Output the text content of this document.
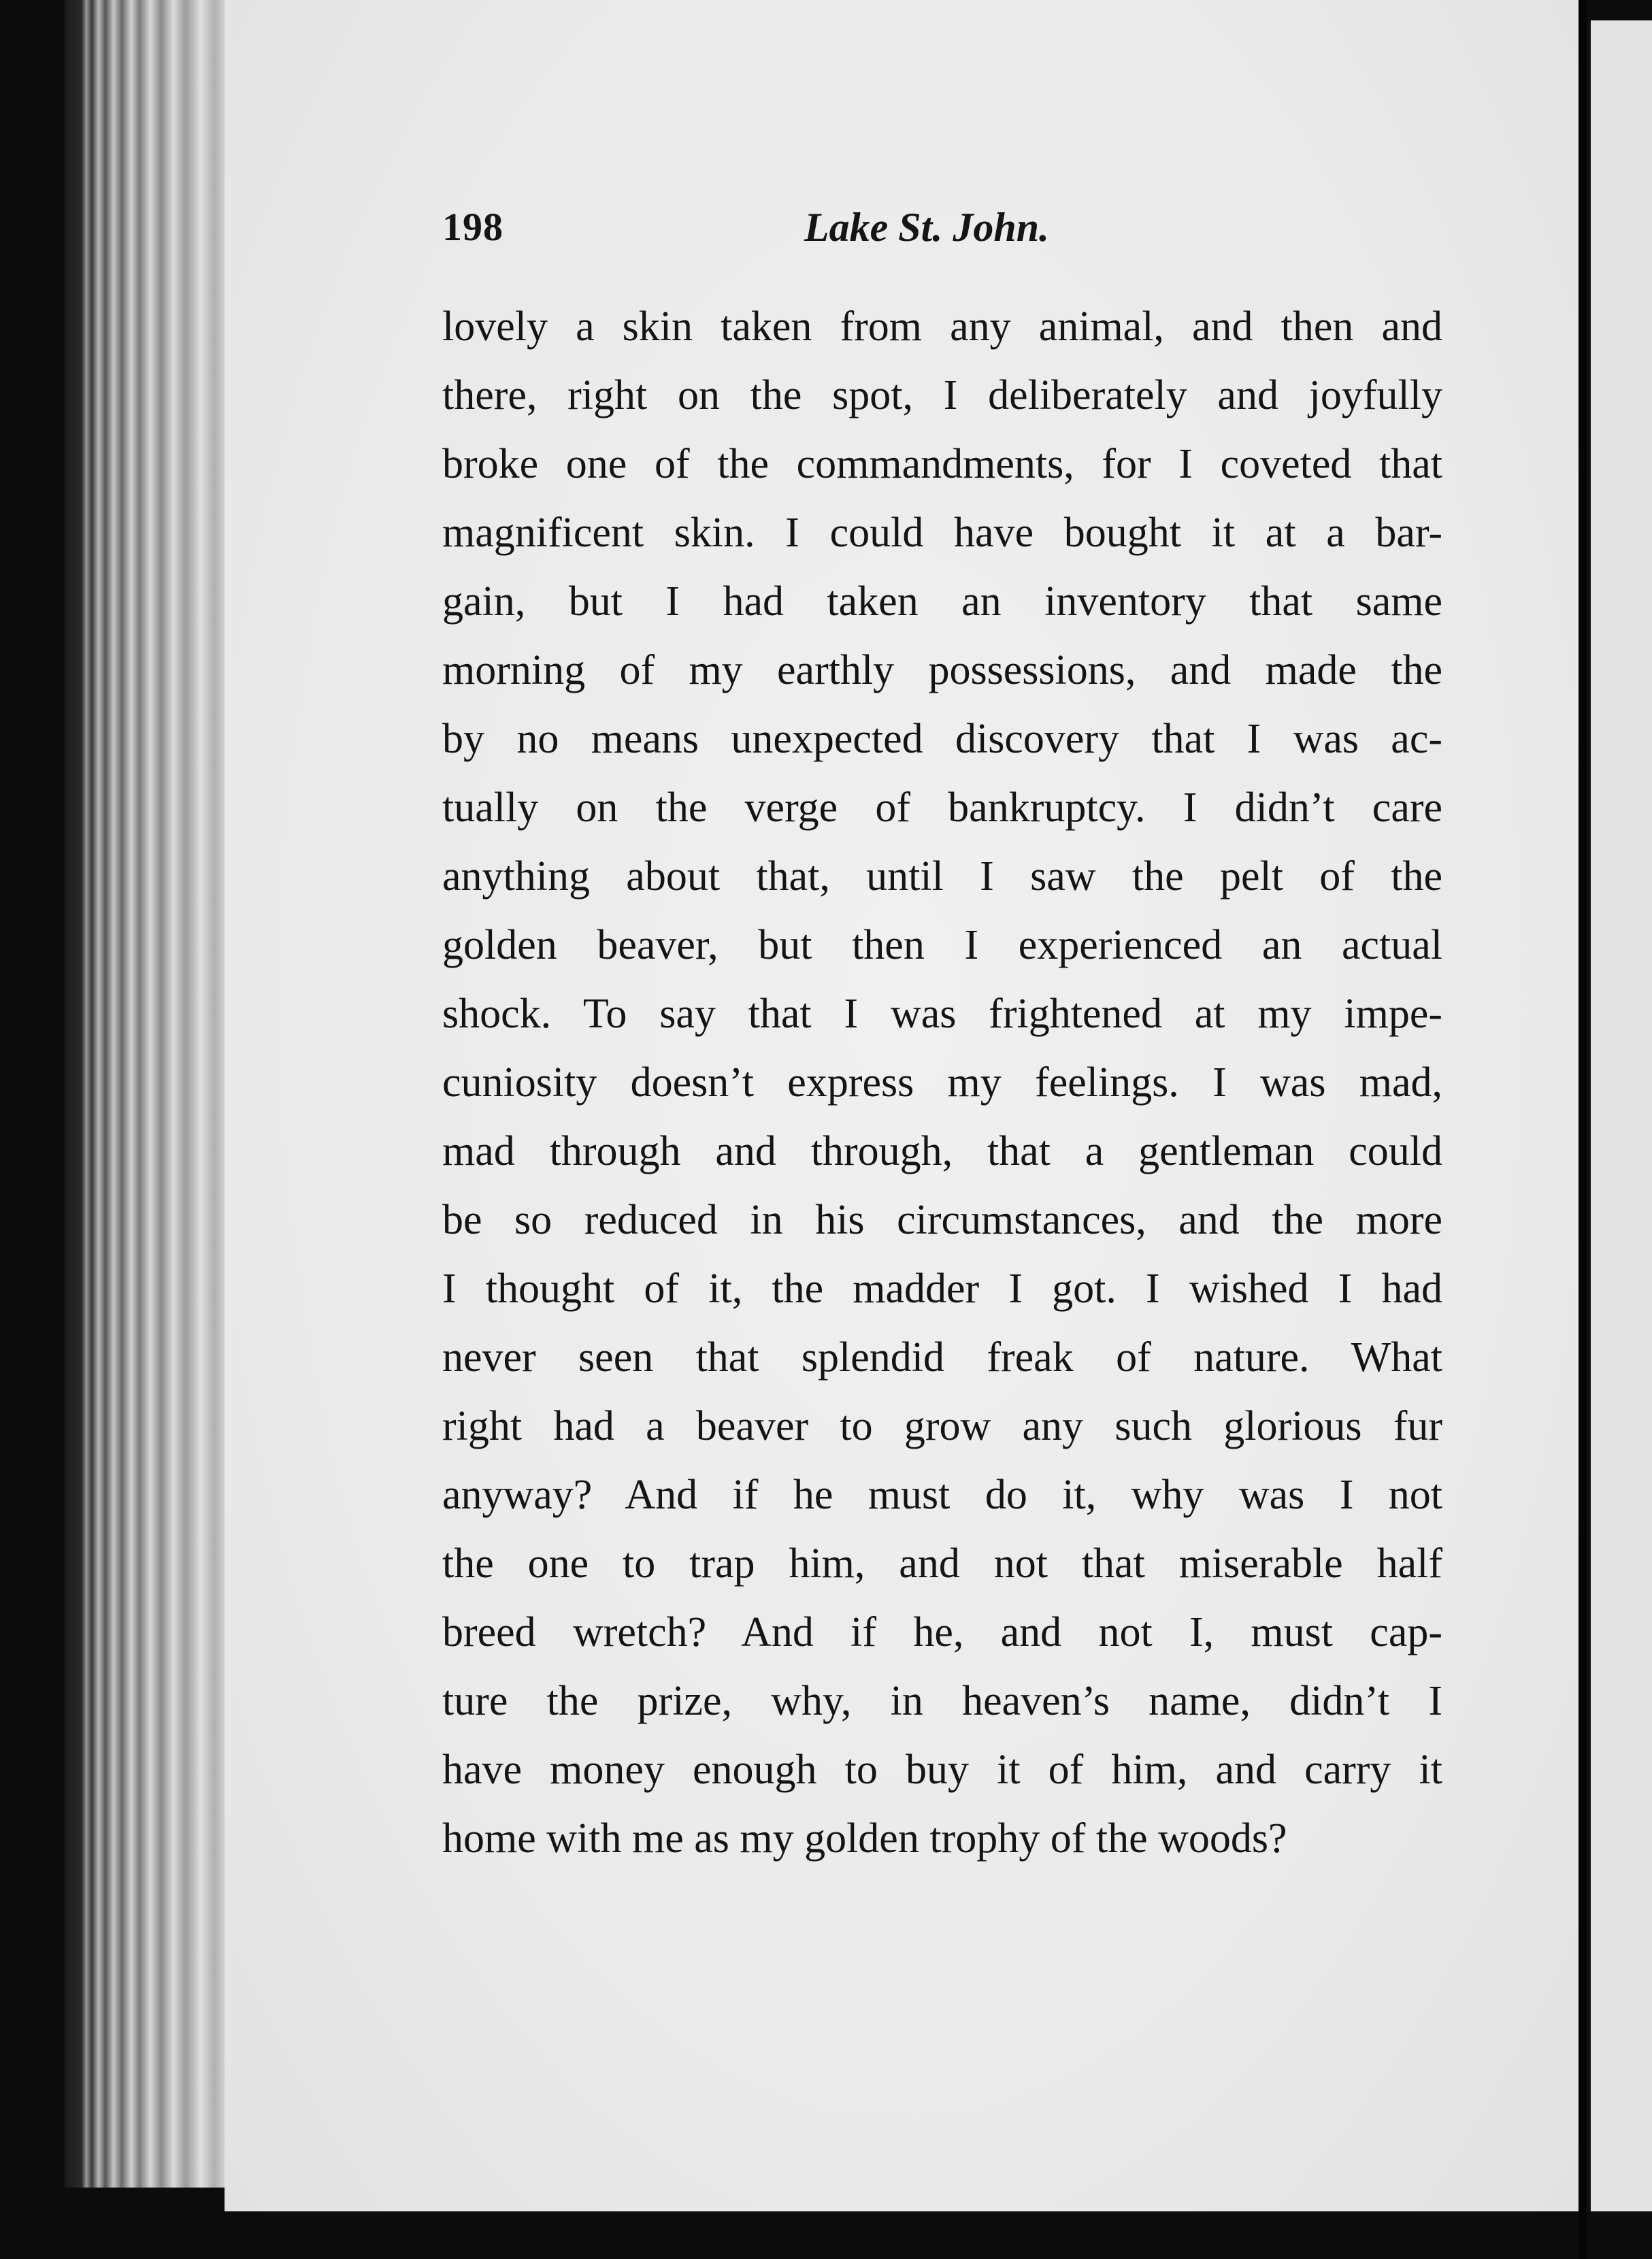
198	Lake St. John.
lovely a skin taken from any animal, and then and
there, right on the spot, I deliberately and joyfully
broke one of the commandments, for I coveted that
magnificent skin. I could have bought it at a bar-
gain, but I had taken an inventory that same
morning of my earthly possessions, and made the
by no means unexpected discovery that I was ac-
tually on the verge of bankruptcy. I didn’t care
anything about that, until I saw the pelt of the
golden beaver, but then I experienced an actual
shock. To say that I was frightened at my impe-
cuniosity doesn’t express my feelings. I was mad,
mad through and through, that a gentleman could
be so reduced in his circumstances, and the more
I thought of it, the madder I got. I wished I had
never seen that splendid freak of nature. What
right had a beaver to grow any such glorious fur
anyway? And if he must do it, why was I not
the one to trap him, and not that miserable half
breed wretch? And if he, and not I, must cap-
ture the prize, why, in heaven’s name, didn’t I
have money enough to buy it of him, and carry it
home with me as my golden trophy of the woods?
